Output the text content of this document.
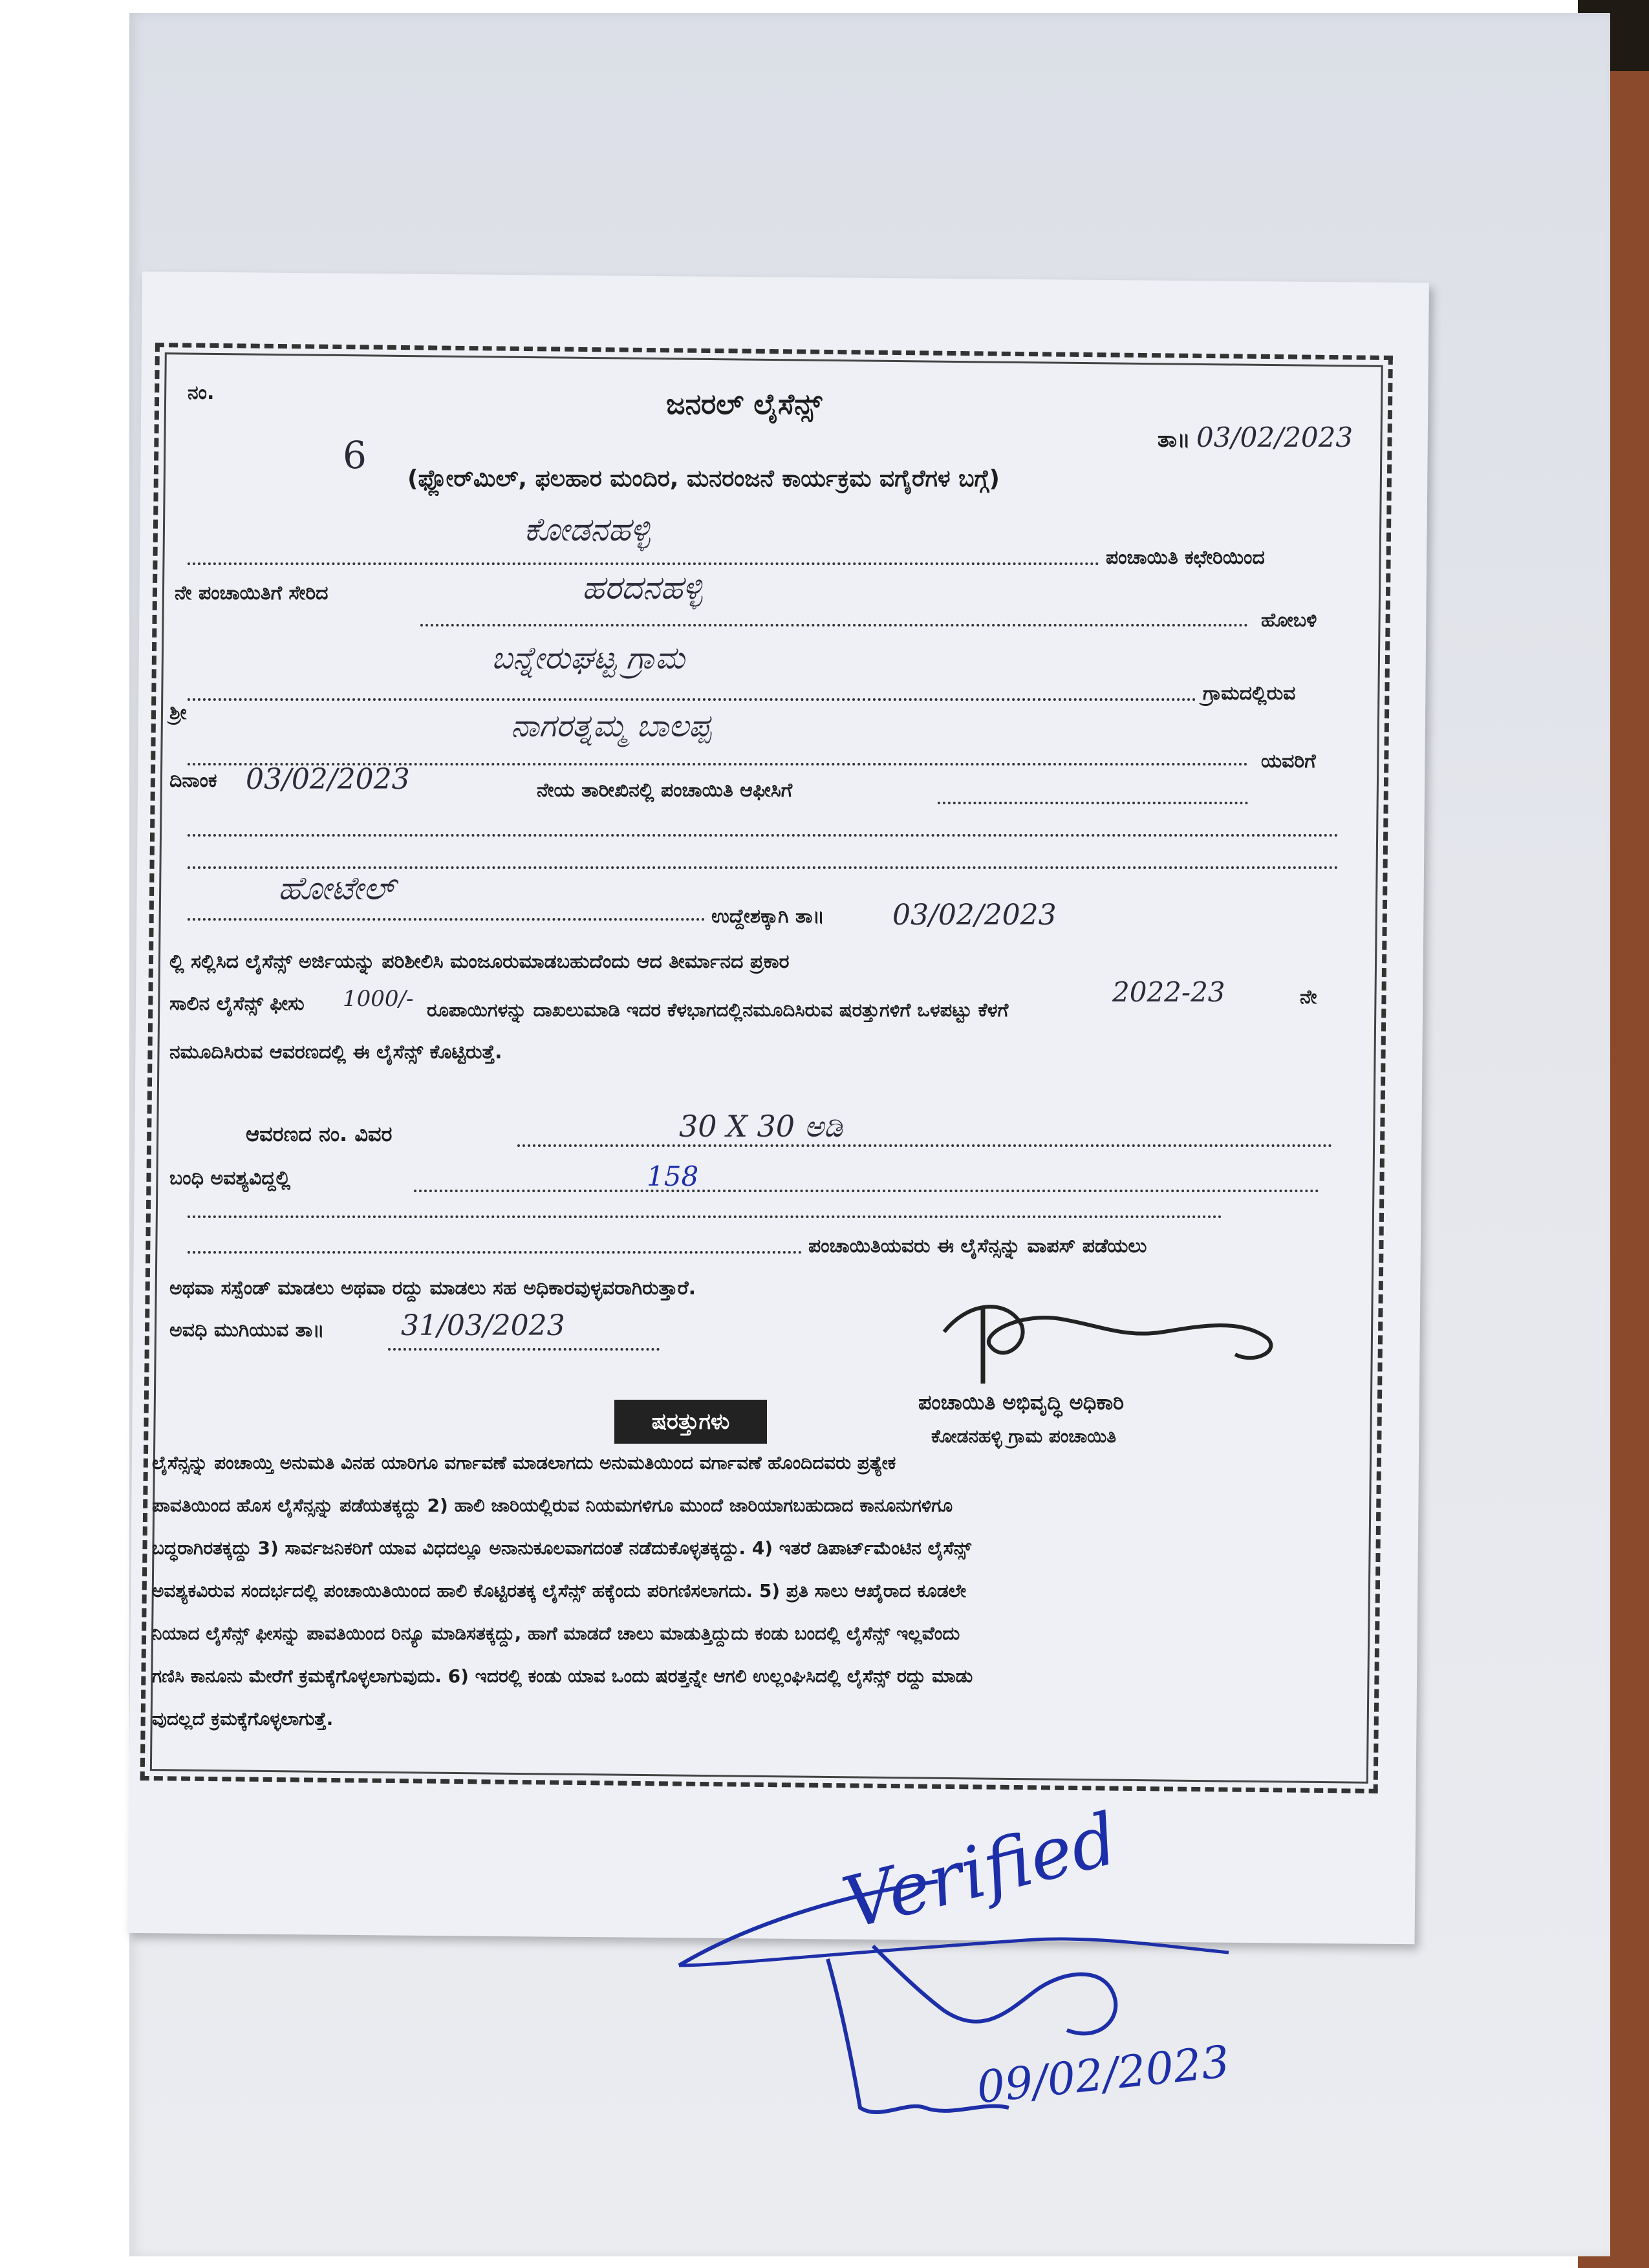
ನಂ.	ಜನರಲ್ ಲೈಸೆನ್ಸ್
6	ತಾ॥ 03/02/2023
(ಫ್ಲೋರ್‌ಮಿಲ್, ಫಲಹಾರ ಮಂದಿರ, ಮನರಂಜನೆ ಕಾರ್ಯಕ್ರಮ ವಗೈರೆಗಳ ಬಗ್ಗೆ)
ಕೋಡನಹಳ್ಳಿ
ಪಂಚಾಯಿತಿ ಕಛೇರಿಯಿಂದ
ನೇ ಪಂಚಾಯಿತಿಗೆ ಸೇರಿದ	ಹರದನಹಳ್ಳಿ
ಹೋಬಳಿ
ಬನ್ನೇರುಘಟ್ಟ ಗ್ರಾಮ
ಗ್ರಾಮದಲ್ಲಿರುವ
ಶ್ರೀ	ನಾಗರತ್ನಮ್ಮ ಬಾಲಪ್ಪ
ಯವರಿಗೆ
ದಿನಾಂಕ 03/02/2023	ನೇಯ ತಾರೀಖಿನಲ್ಲಿ ಪಂಚಾಯಿತಿ ಆಫೀಸಿಗೆ
ಹೋಟೇಲ್
ಉದ್ದೇಶಕ್ಕಾಗಿ ತಾ॥ 03/02/2023
ಲ್ಲಿ ಸಲ್ಲಿಸಿದ ಲೈಸೆನ್ಸ್ ಅರ್ಜಿಯನ್ನು ಪರಿಶೀಲಿಸಿ ಮಂಜೂರುಮಾಡಬಹುದೆಂದು ಆದ ತೀರ್ಮಾನದ ಪ್ರಕಾರ
2022-23	ನೇ
ಸಾಲಿನ ಲೈಸೆನ್ಸ್ ಫೀಸು 1000/- ರೂಪಾಯಿಗಳನ್ನು ದಾಖಲುಮಾಡಿ ಇದರ ಕೆಳಭಾಗದಲ್ಲಿನಮೂದಿಸಿರುವ ಷರತ್ತುಗಳಿಗೆ ಒಳಪಟ್ಟು ಕೆಳಗೆ
ನಮೂದಿಸಿರುವ ಆವರಣದಲ್ಲಿ ಈ ಲೈಸೆನ್ಸ್ ಕೊಟ್ಟಿರುತ್ತೆ.
ಆವರಣದ ನಂ. ವಿವರ	30 X 30 ಅಡಿ
ಬಂಧಿ ಅವಶ್ಯವಿದ್ದಲ್ಲಿ	158
ಪಂಚಾಯಿತಿಯವರು ಈ ಲೈಸೆನ್ಸನ್ನು ವಾಪಸ್ ಪಡೆಯಲು
ಅಥವಾ ಸಸ್ಪೆಂಡ್ ಮಾಡಲು ಅಥವಾ ರದ್ದು ಮಾಡಲು ಸಹ ಅಧಿಕಾರವುಳ್ಳವರಾಗಿರುತ್ತಾರೆ.
ಅವಧಿ ಮುಗಿಯುವ ತಾ॥	31/03/2023
ಪಂಚಾಯಿತಿ ಅಭಿವೃದ್ಧಿ ಅಧಿಕಾರಿ
ಕೋಡನಹಳ್ಳಿ ಗ್ರಾಮ ಪಂಚಾಯಿತಿ
ಷರತ್ತುಗಳು
ಲೈಸೆನ್ಸನ್ನು ಪಂಚಾಯ್ತಿ ಅನುಮತಿ ವಿನಹ ಯಾರಿಗೂ ವರ್ಗಾವಣೆ ಮಾಡಲಾಗದು ಅನುಮತಿಯಿಂದ ವರ್ಗಾವಣೆ ಹೊಂದಿದವರು ಪ್ರತ್ಯೇಕ
ಪಾವತಿಯಿಂದ ಹೊಸ ಲೈಸೆನ್ಸನ್ನು ಪಡೆಯತಕ್ಕದ್ದು 2) ಹಾಲಿ ಜಾರಿಯಲ್ಲಿರುವ ನಿಯಮಗಳಿಗೂ ಮುಂದೆ ಜಾರಿಯಾಗಬಹುದಾದ ಕಾನೂನುಗಳಿಗೂ
ಬದ್ಧರಾಗಿರತಕ್ಕದ್ದು 3) ಸಾರ್ವಜನಿಕರಿಗೆ ಯಾವ ವಿಧದಲ್ಲೂ ಅನಾನುಕೂಲವಾಗದಂತೆ ನಡೆದುಕೊಳ್ಳತಕ್ಕದ್ದು. 4) ಇತರೆ ಡಿಪಾರ್ಟ್‌ಮೆಂಟಿನ ಲೈಸೆನ್ಸ್
ಅವಶ್ಯಕವಿರುವ ಸಂದರ್ಭದಲ್ಲಿ ಪಂಚಾಯಿತಿಯಿಂದ ಹಾಲಿ ಕೊಟ್ಟಿರತಕ್ಕ ಲೈಸೆನ್ಸ್ ಹಕ್ಕೆಂದು ಪರಿಗಣಿಸಲಾಗದು. 5) ಪ್ರತಿ ಸಾಲು ಆಖೈರಾದ ಕೂಡಲೇ
ನಿಯಾದ ಲೈಸೆನ್ಸ್ ಫೀಸನ್ನು ಪಾವತಿಯಿಂದ ರಿನ್ಯೂ ಮಾಡಿಸತಕ್ಕದ್ದು, ಹಾಗೆ ಮಾಡದೆ ಚಾಲು ಮಾಡುತ್ತಿದ್ದುದು ಕಂಡು ಬಂದಲ್ಲಿ ಲೈಸೆನ್ಸ್ ಇಲ್ಲವೆಂದು
ಗಣಿಸಿ ಕಾನೂನು ಮೇರೆಗೆ ಕ್ರಮಕ್ಕೆಗೊಳ್ಳಲಾಗುವುದು. 6) ಇದರಲ್ಲಿ ಕಂಡು ಯಾವ ಒಂದು ಷರತ್ತನ್ನೇ ಆಗಲಿ ಉಲ್ಲಂಘಿಸಿದಲ್ಲಿ ಲೈಸೆನ್ಸ್ ರದ್ದು ಮಾಡು
ವುದಲ್ಲದೆ ಕ್ರಮಕ್ಕೆಗೊಳ್ಳಲಾಗುತ್ತೆ.
Verified
09/02/2023
